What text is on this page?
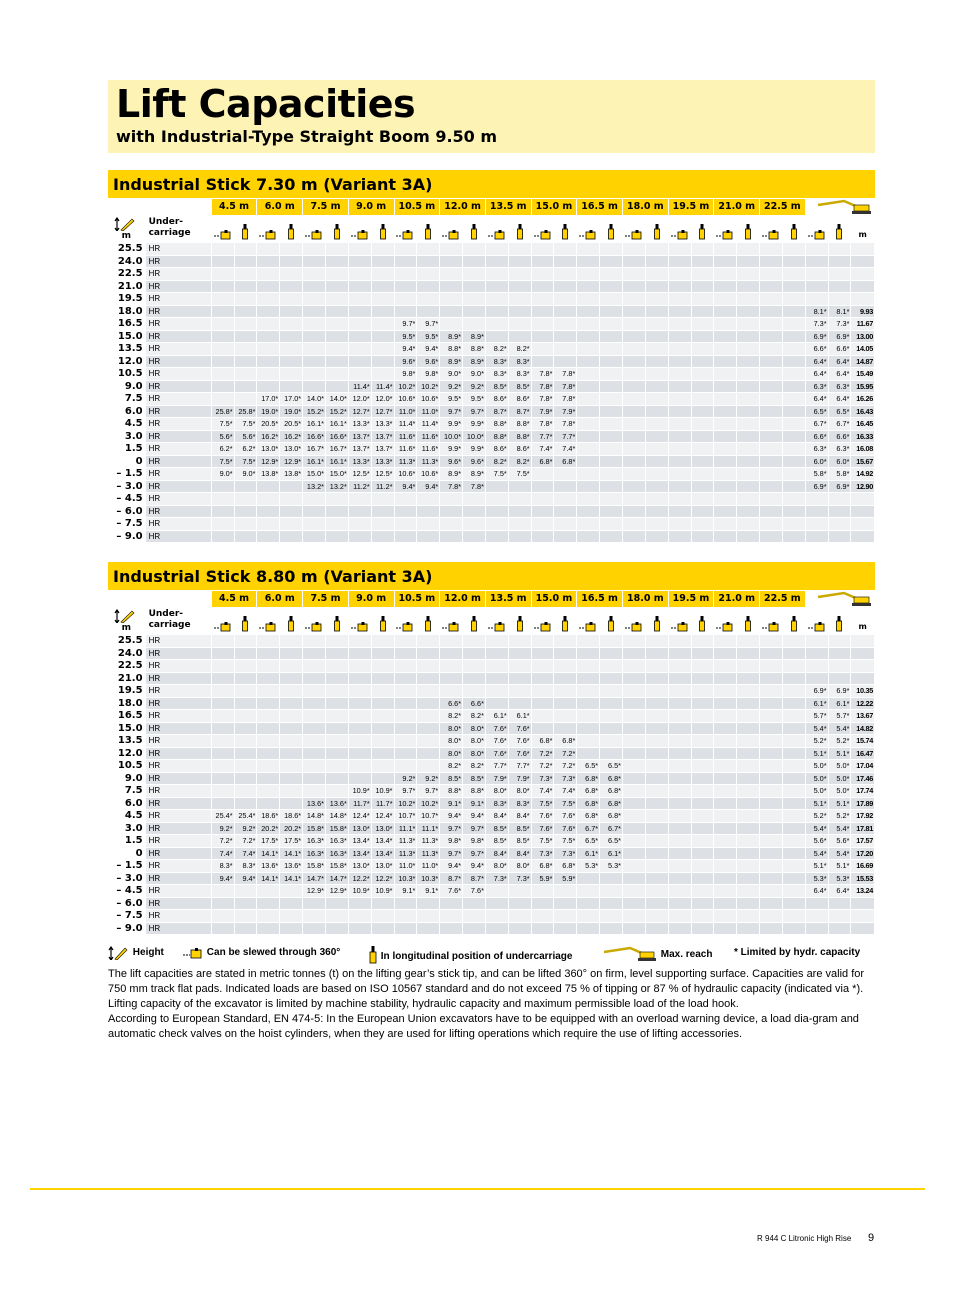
Lift Capacities
with Industrial-Type Straight Boom 9.50 m
Industrial Stick 7.30 m (Variant 3A)
		4.5 m		6.0 m		7.5 m		9.0 m		10.5 m		12.0 m		13.5 m		15.0 m		16.5 m		18.0 m		19.5 m		21.0 m		22.5 m	

m	Under-
carriage																													m
25.5	HR																													
24.0	HR																													
22.5	HR																													
21.0	HR																													
19.5	HR																													
18.0	HR																											8.1*	8.1*	9.93
16.5	HR									9.7*	9.7*																	7.3*	7.3*	11.67
15.0	HR									9.5*	9.5*	8.9*	8.9*															6.9*	6.9*	13.00
13.5	HR									9.4*	9.4*	8.8*	8.8*	8.2*	8.2*													6.6*	6.6*	14.05
12.0	HR									9.6*	9.6*	8.9*	8.9*	8.3*	8.3*													6.4*	6.4*	14.87
10.5	HR									9.8*	9.8*	9.0*	9.0*	8.3*	8.3*	7.8*	7.8*											6.4*	6.4*	15.49
9.0	HR							11.4*	11.4*	10.2*	10.2*	9.2*	9.2*	8.5*	8.5*	7.8*	7.8*											6.3*	6.3*	15.95
7.5	HR			17.0*	17.0*	14.0*	14.0*	12.0*	12.0*	10.6*	10.6*	9.5*	9.5*	8.6*	8.6*	7.8*	7.8*											6.4*	6.4*	16.26
6.0	HR	25.8*	25.8*	19.0*	19.0*	15.2*	15.2*	12.7*	12.7*	11.0*	11.0*	9.7*	9.7*	8.7*	8.7*	7.9*	7.9*											6.5*	6.5*	16.43
4.5	HR	7.5*	7.5*	20.5*	20.5*	16.1*	16.1*	13.3*	13.3*	11.4*	11.4*	9.9*	9.9*	8.8*	8.8*	7.8*	7.8*											6.7*	6.7*	16.45
3.0	HR	5.6*	5.6*	16.2*	16.2*	16.6*	16.6*	13.7*	13.7*	11.6*	11.6*	10.0*	10.0*	8.8*	8.8*	7.7*	7.7*											6.6*	6.6*	16.33
1.5	HR	6.2*	6.2*	13.0*	13.0*	16.7*	16.7*	13.7*	13.7*	11.6*	11.6*	9.9*	9.9*	8.6*	8.6*	7.4*	7.4*											6.3*	6.3*	16.08
0	HR	7.5*	7.5*	12.9*	12.9*	16.1*	16.1*	13.3*	13.3*	11.3*	11.3*	9.6*	9.6*	8.2*	8.2*	6.8*	6.8*											6.0*	6.0*	15.67
– 1.5	HR	9.0*	9.0*	13.8*	13.8*	15.0*	15.0*	12.5*	12.5*	10.6*	10.6*	8.9*	8.9*	7.5*	7.5*													5.8*	5.8*	14.92
– 3.0	HR					13.2*	13.2*	11.2*	11.2*	9.4*	9.4*	7.8*	7.8*															6.9*	6.9*	12.90
– 4.5	HR																													
– 6.0	HR																													
– 7.5	HR																													
– 9.0	HR																													
Industrial Stick 8.80 m (Variant 3A)
		4.5 m		6.0 m		7.5 m		9.0 m		10.5 m		12.0 m		13.5 m		15.0 m		16.5 m		18.0 m		19.5 m		21.0 m		22.5 m	

m	Under-
carriage																													m
25.5	HR																													
24.0	HR																													
22.5	HR																													
21.0	HR																													
19.5	HR																											6.9*	6.9*	10.35
18.0	HR											6.6*	6.6*															6.1*	6.1*	12.22
16.5	HR											8.2*	8.2*	6.1*	6.1*													5.7*	5.7*	13.67
15.0	HR											8.0*	8.0*	7.6*	7.6*													5.4*	5.4*	14.82
13.5	HR											8.0*	8.0*	7.6*	7.6*	6.8*	6.8*											5.2*	5.2*	15.74
12.0	HR											8.0*	8.0*	7.6*	7.6*	7.2*	7.2*											5.1*	5.1*	16.47
10.5	HR											8.2*	8.2*	7.7*	7.7*	7.2*	7.2*	6.5*	6.5*									5.0*	5.0*	17.04
9.0	HR									9.2*	9.2*	8.5*	8.5*	7.9*	7.9*	7.3*	7.3*	6.8*	6.8*									5.0*	5.0*	17.46
7.5	HR							10.9*	10.9*	9.7*	9.7*	8.8*	8.8*	8.0*	8.0*	7.4*	7.4*	6.8*	6.8*									5.0*	5.0*	17.74
6.0	HR					13.6*	13.6*	11.7*	11.7*	10.2*	10.2*	9.1*	9.1*	8.3*	8.3*	7.5*	7.5*	6.8*	6.8*									5.1*	5.1*	17.89
4.5	HR	25.4*	25.4*	18.6*	18.6*	14.8*	14.8*	12.4*	12.4*	10.7*	10.7*	9.4*	9.4*	8.4*	8.4*	7.6*	7.6*	6.8*	6.8*									5.2*	5.2*	17.92
3.0	HR	9.2*	9.2*	20.2*	20.2*	15.8*	15.8*	13.0*	13.0*	11.1*	11.1*	9.7*	9.7*	8.5*	8.5*	7.6*	7.6*	6.7*	6.7*									5.4*	5.4*	17.81
1.5	HR	7.2*	7.2*	17.5*	17.5*	16.3*	16.3*	13.4*	13.4*	11.3*	11.3*	9.8*	9.8*	8.5*	8.5*	7.5*	7.5*	6.5*	6.5*									5.6*	5.6*	17.57
0	HR	7.4*	7.4*	14.1*	14.1*	16.3*	16.3*	13.4*	13.4*	11.3*	11.3*	9.7*	9.7*	8.4*	8.4*	7.3*	7.3*	6.1*	6.1*									5.4*	5.4*	17.20
– 1.5	HR	8.3*	8.3*	13.6*	13.6*	15.8*	15.8*	13.0*	13.0*	11.0*	11.0*	9.4*	9.4*	8.0*	8.0*	6.8*	6.8*	5.3*	5.3*									5.1*	5.1*	16.69
– 3.0	HR	9.4*	9.4*	14.1*	14.1*	14.7*	14.7*	12.2*	12.2*	10.3*	10.3*	8.7*	8.7*	7.3*	7.3*	5.9*	5.9*											5.3*	5.3*	15.53
– 4.5	HR					12.9*	12.9*	10.9*	10.9*	9.1*	9.1*	7.6*	7.6*															6.4*	6.4*	13.24
– 6.0	HR																													
– 7.5	HR																													
– 9.0	HR																													
Height	Can be slewed through 360°	In longitudinal position of undercarriage	Max. reach * Limited by hydr. capacity

The lift capacities are stated in metric tonnes (t) on the lifting gear’s stick tip, and can be lifted 360° on firm, level supporting surface. Capacities are valid for 750 mm track flat pads. Indicated loads are based on ISO 10567 standard and do not exceed 75 % of tipping or 87 % of hydraulic capacity (indicated via *). Lifting capacity of the excavator is limited by machine stability, hydraulic capacity and maximum permissible load of the load hook.

According to European Standard, EN 474-5: In the European Union excavators have to be equipped with an overload warning device, a load dia-gram and automatic check valves on the hoist cylinders, when they are used for lifting operations which require the use of lifting accessories.

R 944 C Litronic High Rise 9
